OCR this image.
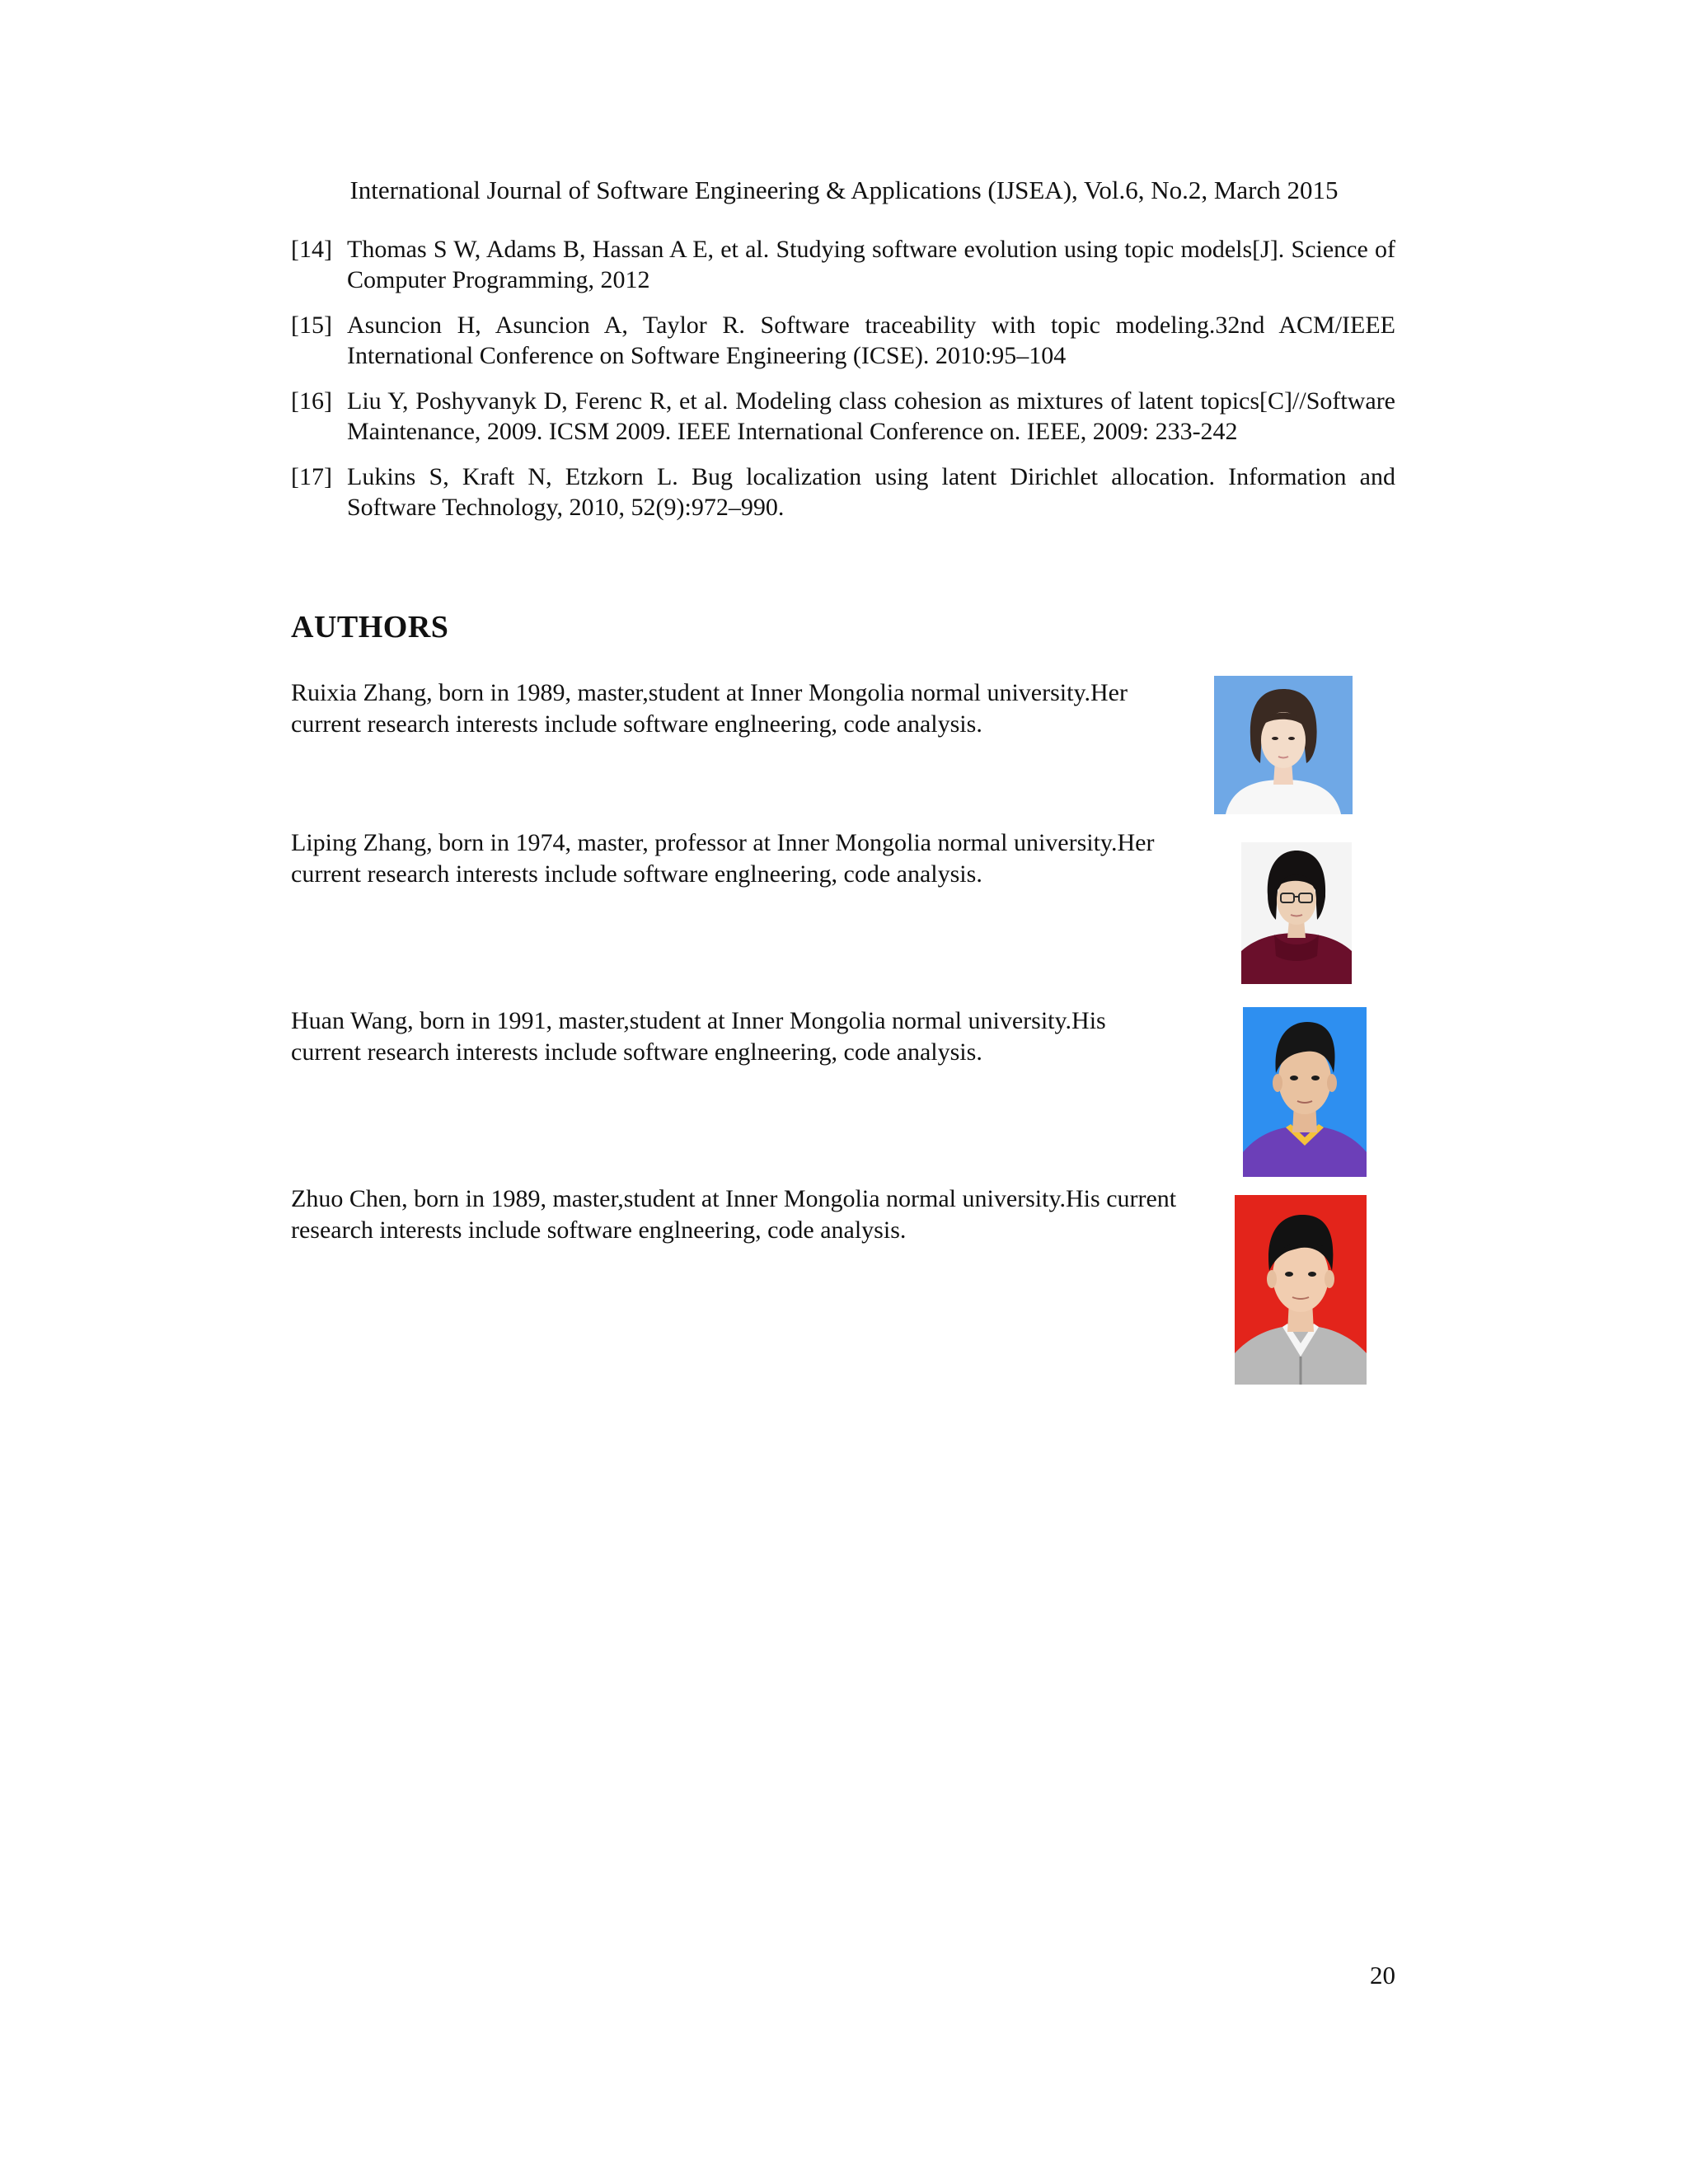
International Journal of Software Engineering & Applications (IJSEA), Vol.6, No.2, March 2015
[14] Thomas S W, Adams B, Hassan A E, et al. Studying software evolution using topic models[J]. Science of Computer Programming, 2012
[15] Asuncion H, Asuncion A, Taylor R. Software traceability with topic modeling.32nd ACM/IEEE International Conference on Software Engineering (ICSE). 2010:95–104
[16] Liu Y, Poshyvanyk D, Ferenc R, et al. Modeling class cohesion as mixtures of latent topics[C]//Software Maintenance, 2009. ICSM 2009. IEEE International Conference on. IEEE, 2009: 233-242
[17] Lukins S, Kraft N, Etzkorn L. Bug localization using latent Dirichlet allocation. Information and Software Technology, 2010, 52(9):972–990.
AUTHORS
Ruixia Zhang, born in 1989, master,student at Inner Mongolia normal university.Her
current research interests include software englneering, code analysis.
Liping Zhang, born in 1974, master, professor at Inner Mongolia normal university.Her
current research interests include software englneering, code analysis.
Huan Wang, born in 1991, master,student at Inner Mongolia normal university.His
current research interests include software englneering, code analysis.
Zhuo Chen, born in 1989, master,student at Inner Mongolia normal university.His current
research interests include software englneering, code analysis.
20
